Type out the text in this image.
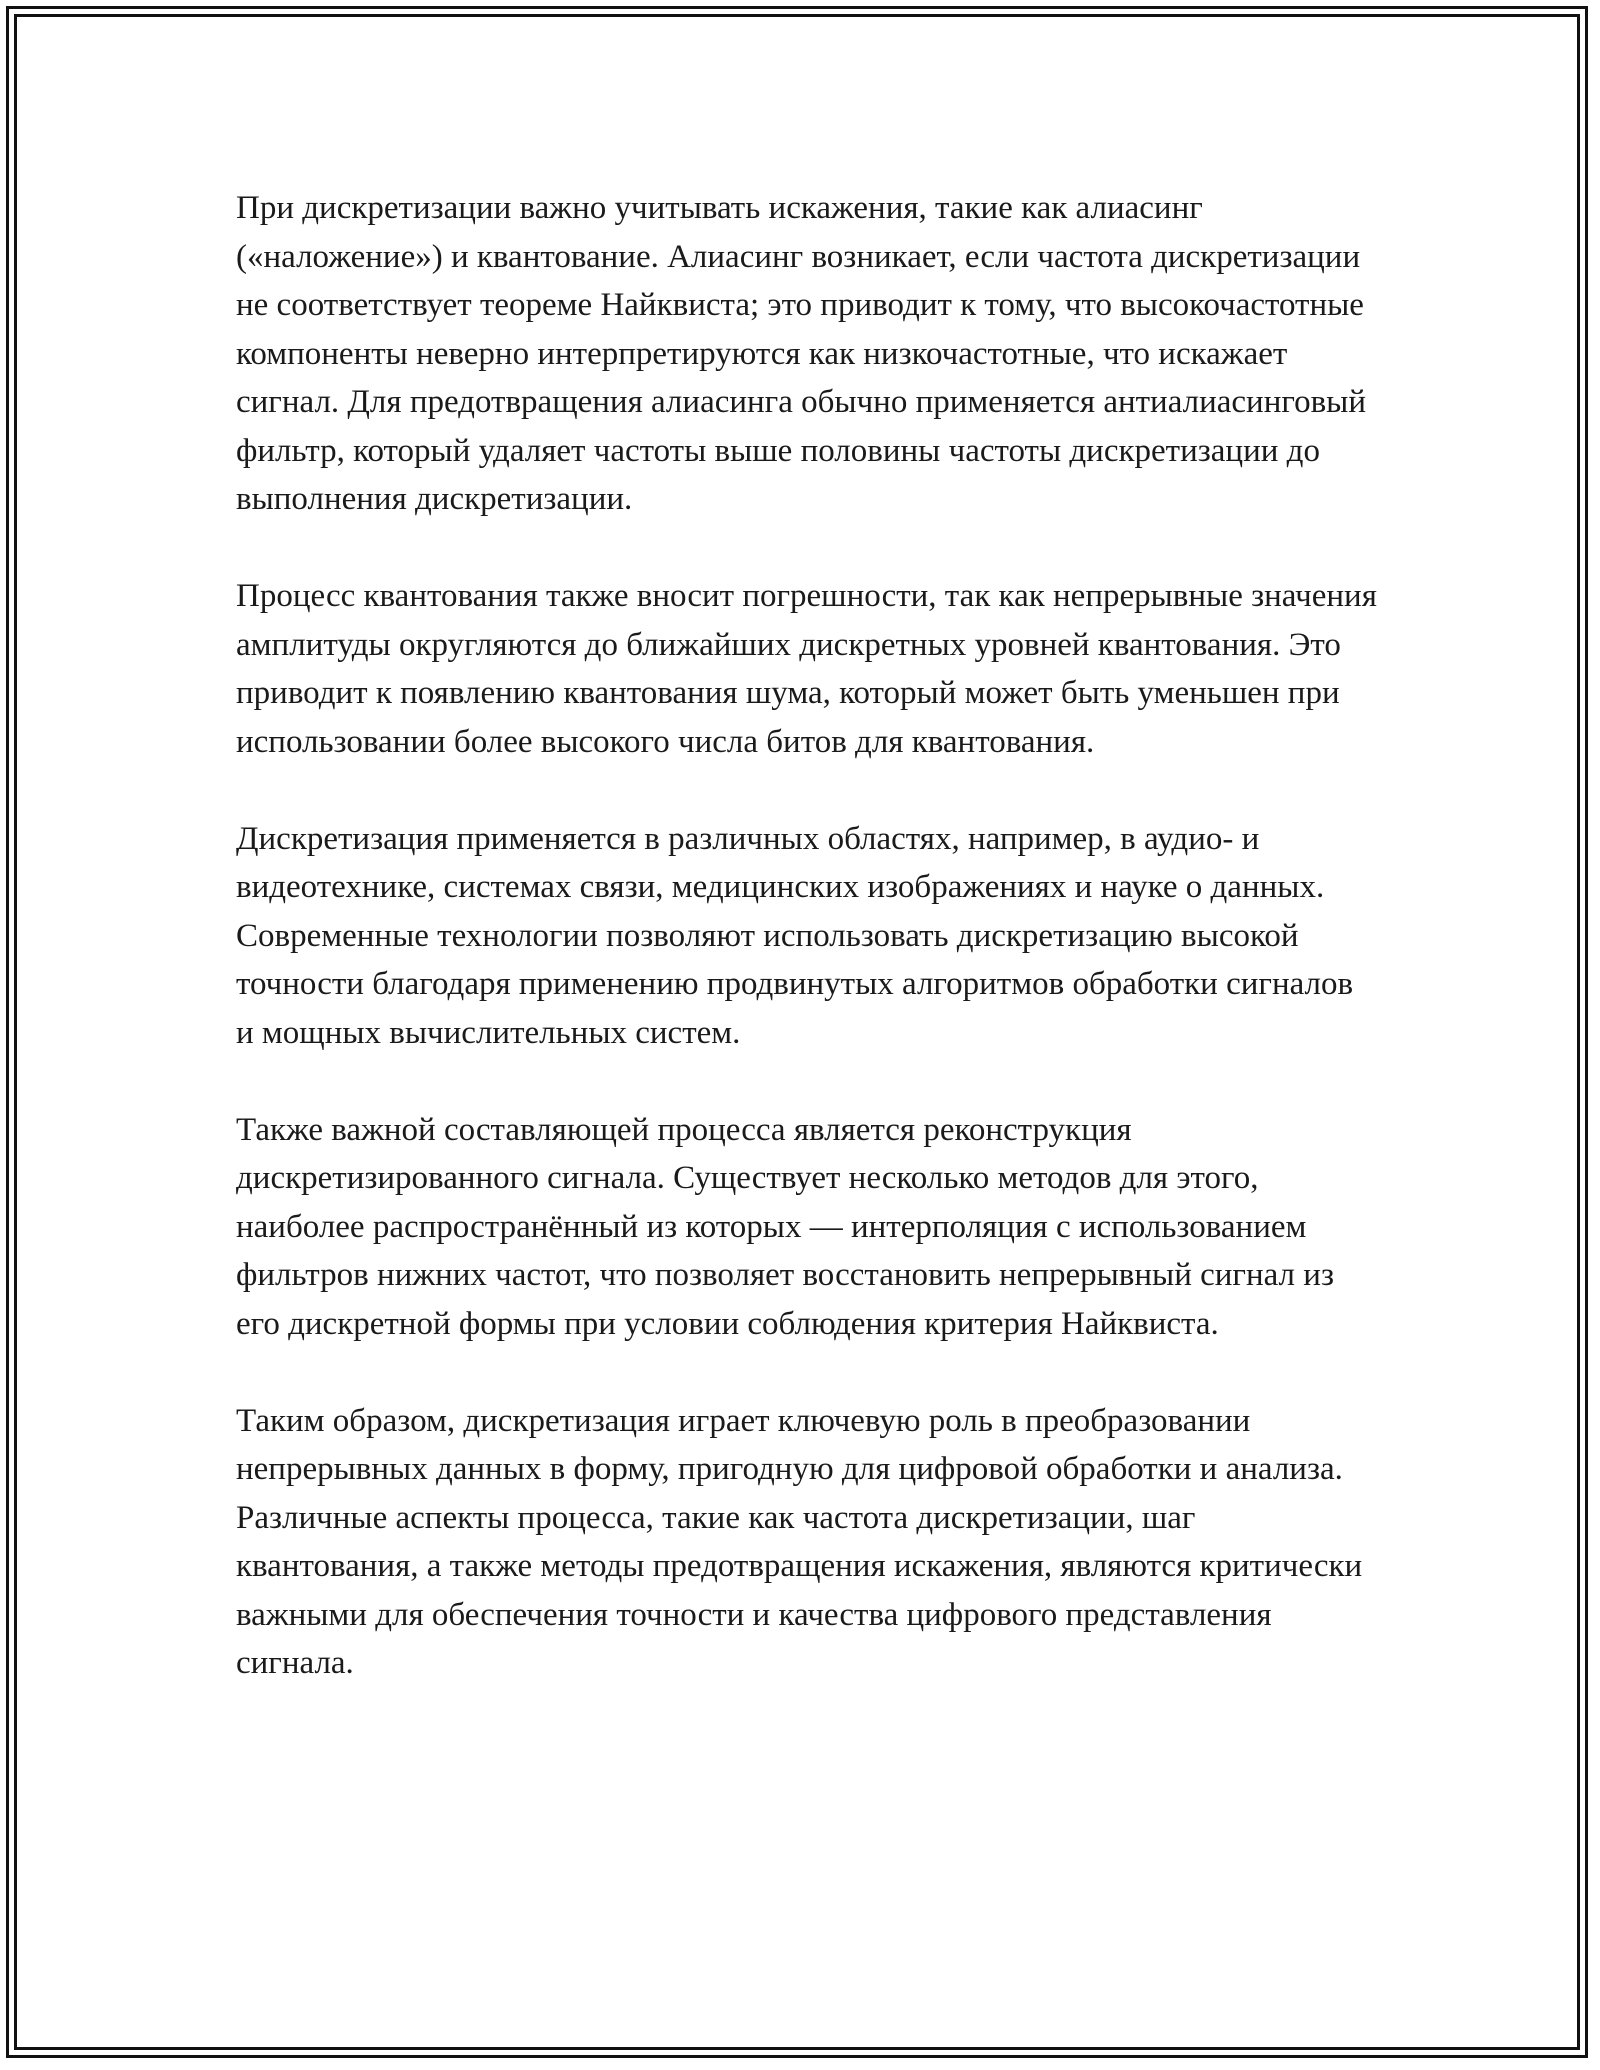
При дискретизации важно учитывать искажения, такие как алиасинг («наложение») и квантование. Алиасинг возникает, если частота дискретизации не соответствует теореме Найквиста; это приводит к тому, что высокочастотные компоненты неверно интерпретируются как низкочастотные, что искажает сигнал. Для предотвращения алиасинга обычно применяется антиалиасинговый фильтр, который удаляет частоты выше половины частоты дискретизации до выполнения дискретизации.

Процесс квантования также вносит погрешности, так как непрерывные значения амплитуды округляются до ближайших дискретных уровней квантования. Это приводит к появлению квантования шума, который может быть уменьшен при использовании более высокого числа битов для квантования.

Дискретизация применяется в различных областях, например, в аудио- и видеотехнике, системах связи, медицинских изображениях и науке о данных. Современные технологии позволяют использовать дискретизацию высокой точности благодаря применению продвинутых алгоритмов обработки сигналов и мощных вычислительных систем.

Также важной составляющей процесса является реконструкция дискретизированного сигнала. Существует несколько методов для этого, наиболее распространённый из которых — интерполяция с использованием фильтров нижних частот, что позволяет восстановить непрерывный сигнал из его дискретной формы при условии соблюдения критерия Найквиста.

Таким образом, дискретизация играет ключевую роль в преобразовании непрерывных данных в форму, пригодную для цифровой обработки и анализа. Различные аспекты процесса, такие как частота дискретизации, шаг квантования, а также методы предотвращения искажения, являются критически важными для обеспечения точности и качества цифрового представления сигнала.
